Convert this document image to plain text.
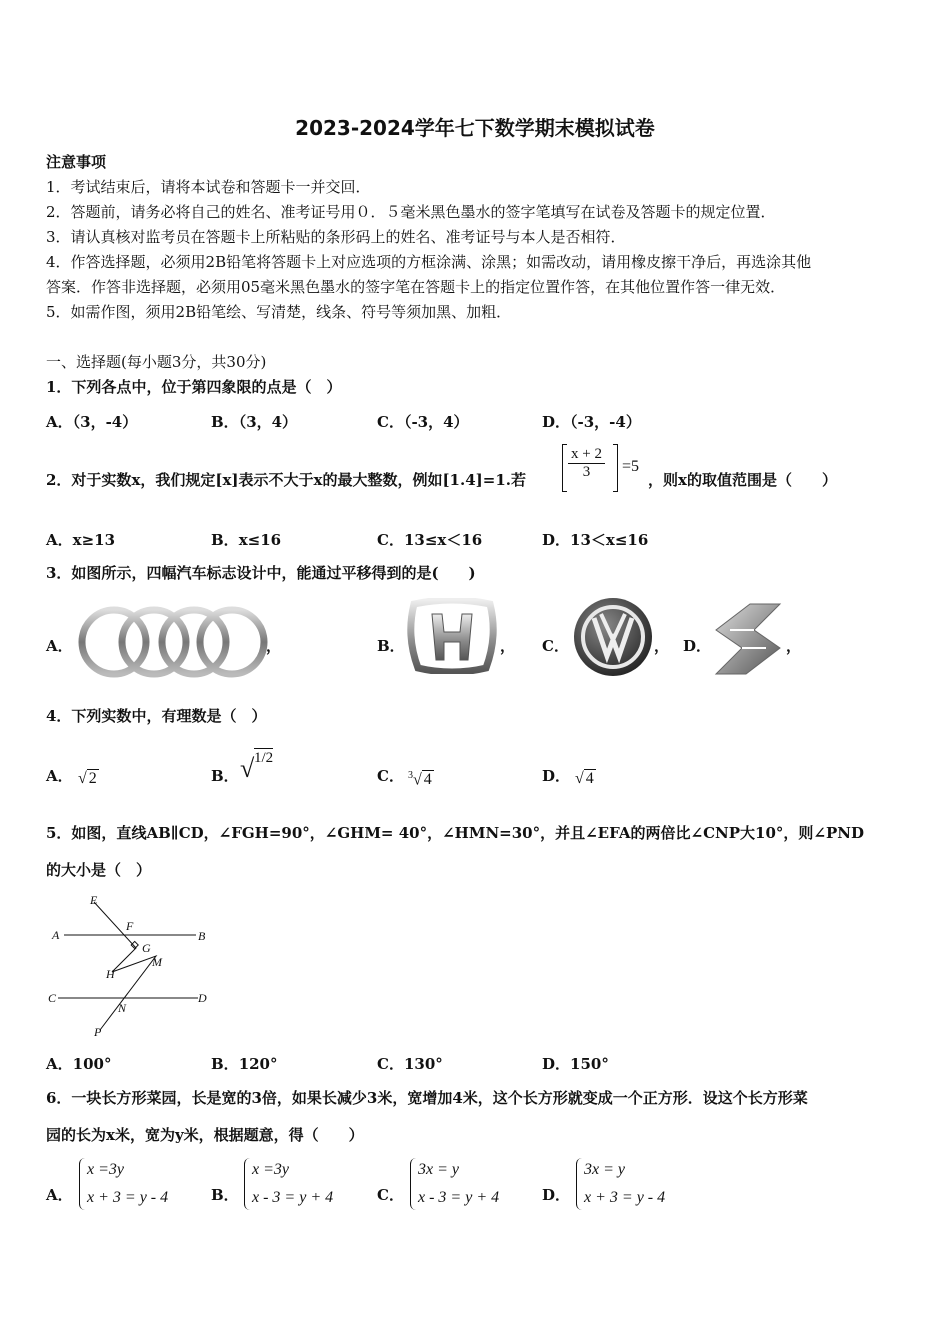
2023-2024学年七下数学期末模拟试卷
注意事项
1．考试结束后，请将本试卷和答题卡一并交回．
2．答题前，请务必将自己的姓名、准考证号用０．５毫米黑色墨水的签字笔填写在试卷及答题卡的规定位置．
3．请认真核对监考员在答题卡上所粘贴的条形码上的姓名、准考证号与本人是否相符．
4．作答选择题，必须用2B铅笔将答题卡上对应选项的方框涂满、涂黑；如需改动，请用橡皮擦干净后，再选涂其他
答案．作答非选择题，必须用05毫米黑色墨水的签字笔在答题卡上的指定位置作答，在其他位置作答一律无效．
5．如需作图，须用2B铅笔绘、写清楚，线条、符号等须加黑、加粗．
一、选择题(每小题3分，共30分)
1．下列各点中，位于第四象限的点是（　）
A．（3，-4）	B．（3，4）	C．（-3，4）	D．（-3，-4）
2．对于实数x，我们规定[x]表示不大于x的最大整数，例如[1.4]=1.若	$\frac{x + 2}{3} =5$
，则x的取值范围是（　　）
A．x≥13	B．x≤16	C．13≤x＜16	D．13＜x≤16
3．如图所示，四幅汽车标志设计中，能通过平移得到的是(　　)
A．	，	B．	， C．	， D．	，
4．下列实数中，有理数是（　）
A． √ 2	B． √ 1/2
C． $^3$√ 4	D． √ 4
5．如图，直线AB∥CD，∠FGH=90°，∠GHM= 40°，∠HMN=30°，并且∠EFA的两倍比∠CNP大10°，则∠PND
的大小是（　）
E
A
F
B
G
M
H
C	D
N
P
A．100°	B．120°	C．130°	D．150°
6．一块长方形菜园，长是宽的3倍，如果长减少3米，宽增加4米，这个长方形就变成一个正方形．设这个长方形菜
园的长为x米，宽为y米，根据题意，得（　　）
A．
x =3y
x + 3 = y - 4	B．
x =3y
x - 3 = y + 4	C．
3x = y
x - 3 = y + 4	D．
3x = y
x + 3 = y - 4
